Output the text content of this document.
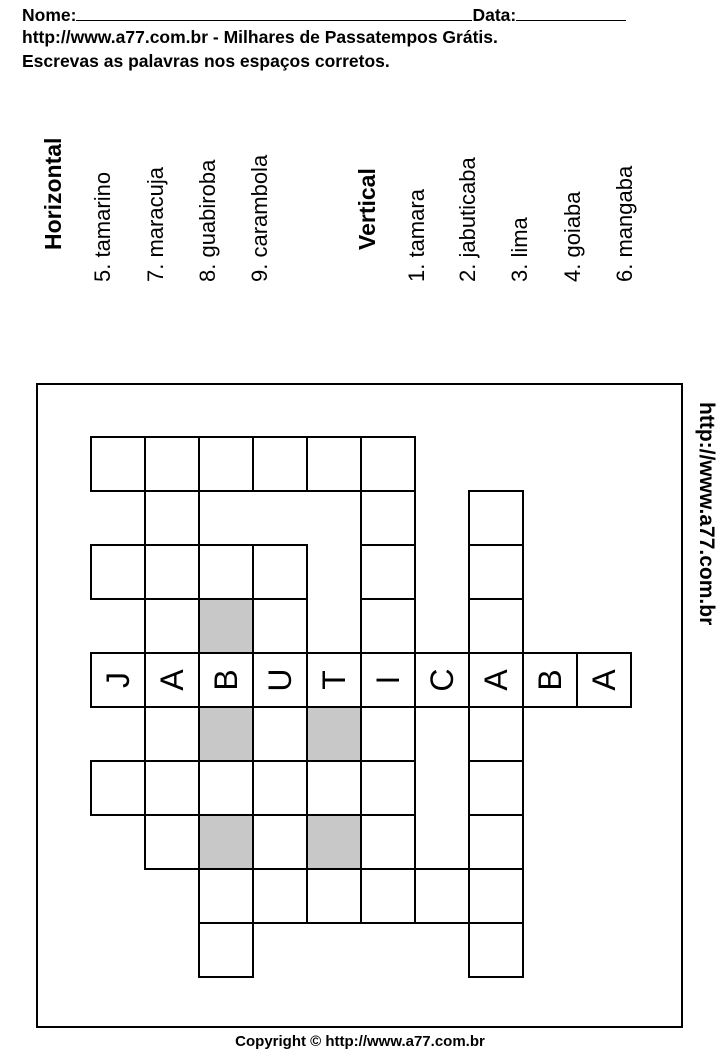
Nome:	Data:
http://www.a77.com.br - Milhares de Passatempos Grátis.
Escrevas as palavras nos espaços corretos.
Horizontal 5. tamarino 7. maracuja 8. guabiroba 9. carambola	Vertical 1. tamara 2. jabuticaba 3. lima 4. goiaba 6. mangaba
J A B U T I C A B A
http://www.a77.com.br
Copyright © http://www.a77.com.br
